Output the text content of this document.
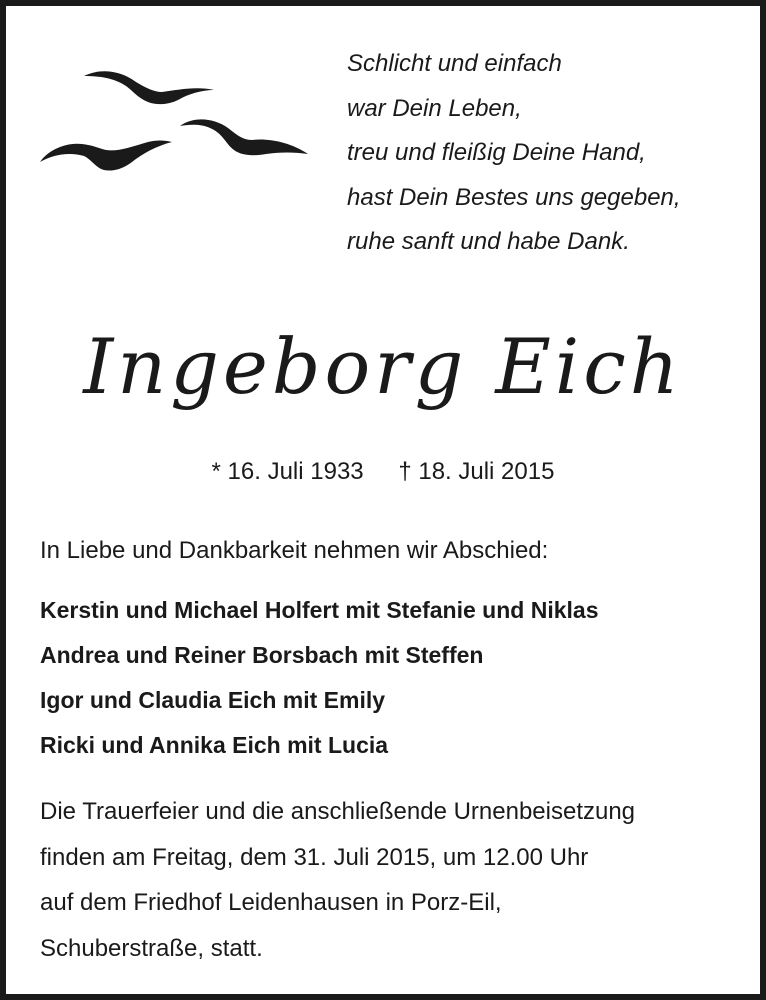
Schlicht und einfach
war Dein Leben,
treu und fleißig Deine Hand,
hast Dein Bestes uns gegeben,
ruhe sanft und habe Dank.
Ingeborg Eich
* 16. Juli 1933 † 18. Juli 2015
In Liebe und Dankbarkeit nehmen wir Abschied:
Kerstin und Michael Holfert mit Stefanie und Niklas
Andrea und Reiner Borsbach mit Steffen
Igor und Claudia Eich mit Emily
Ricki und Annika Eich mit Lucia
Die Trauerfeier und die anschließende Urnenbeisetzung
finden am Freitag, dem 31. Juli 2015, um 12.00 Uhr
auf dem Friedhof Leidenhausen in Porz-Eil,
Schuberstraße, statt.
